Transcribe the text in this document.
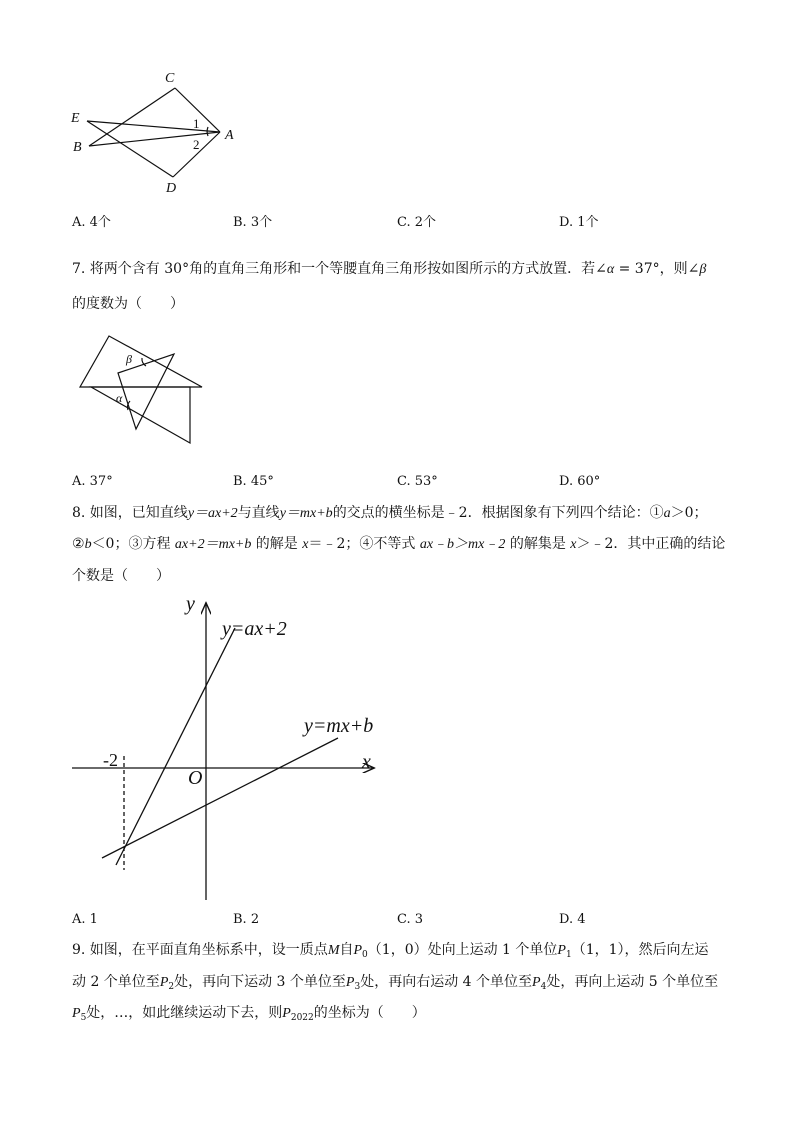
C
E
B
A
D
1
2
A. 4个	B. 3个	C. 2个	D. 1个
7. 将两个含有 30°角的直角三角形和一个等腰直角三角形按如图所示的方式放置．若∠α = 37°，则∠β
的度数为（　　）
β
α
A. 37°	B. 45°	C. 53°	D. 60°
8. 如图，已知直线y＝ax+2与直线y＝mx+b的交点的横坐标是﹣2．根据图象有下列四个结论：①a＞0；
②b＜0；③方程 ax+2＝mx+b 的解是 x＝﹣2；④不等式 ax﹣b＞mx﹣2 的解集是 x＞﹣2．其中正确的结论
个数是（　　）
y
x
O
y=ax+2
y=mx+b
-2
A. 1	B. 2	C. 3	D. 4
9. 如图，在平面直角坐标系中，设一质点M自$P_0(1$，0）处向上运动 1 个单位$P_1(1$，1），然后向左运
动 2 个单位至$P_2$处，再向下运动 3 个单位至$P_3$处，再向右运动 4 个单位至$P_4$处，再向上运动 5 个单位至
$P_5$处，…，如此继续运动下去，则$P_{2022}$的坐标为（　　）
